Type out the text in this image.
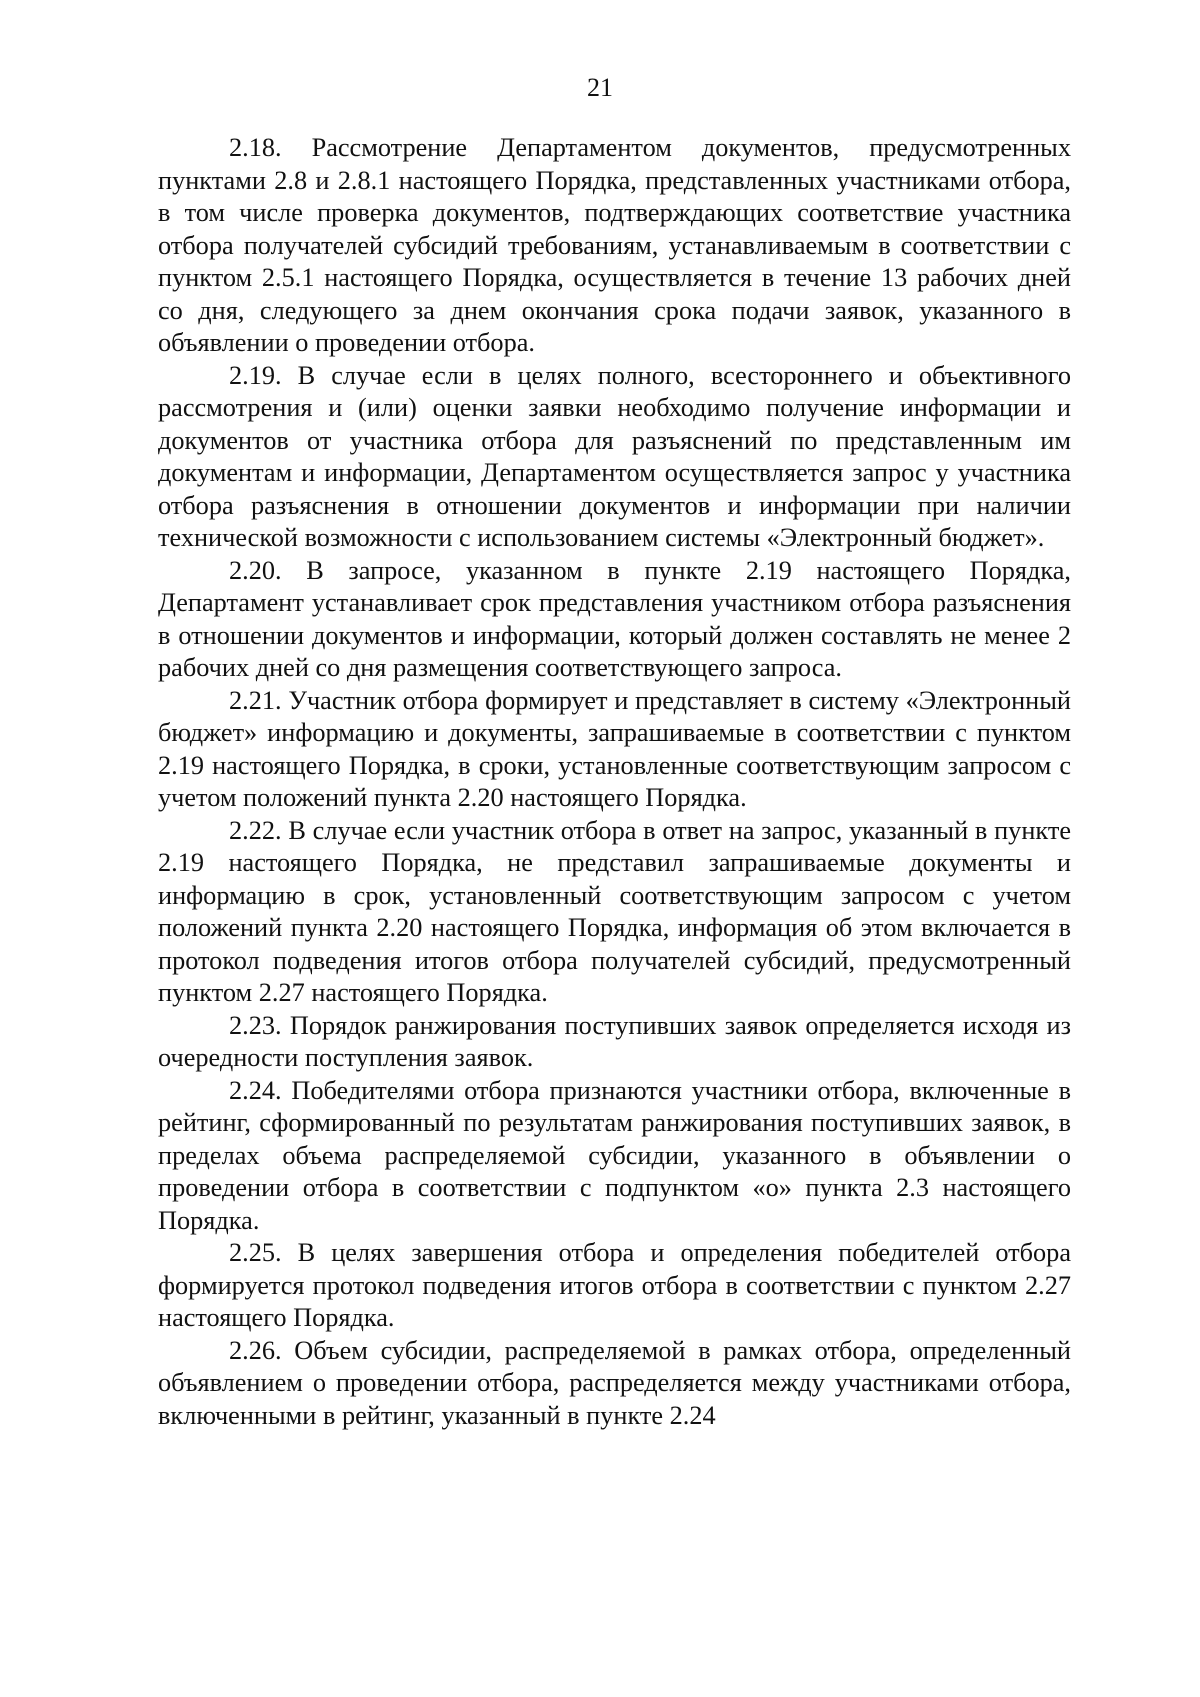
21

2.18. Рассмотрение Департаментом документов, предусмотренных пунктами 2.8 и 2.8.1 настоящего Порядка, представленных участниками отбора, в том числе проверка документов, подтверждающих соответствие участника отбора получателей субсидий требованиям, устанавливаемым в соответствии с пунктом 2.5.1 настоящего Порядка, осуществляется в течение 13 рабочих дней со дня, следующего за днем окончания срока подачи заявок, указанного в объявлении о проведении отбора.

2.19. В случае если в целях полного, всестороннего и объективного рассмотрения и (или) оценки заявки необходимо получение информации и документов от участника отбора для разъяснений по представленным им документам и информации, Департаментом осуществляется запрос у участника отбора разъяснения в отношении документов и информации при наличии технической возможности с использованием системы «Электронный бюджет».

2.20. В запросе, указанном в пункте 2.19 настоящего Порядка, Департамент устанавливает срок представления участником отбора разъяснения в отношении документов и информации, который должен составлять не менее 2 рабочих дней со дня размещения соответствующего запроса.

2.21. Участник отбора формирует и представляет в систему «Электронный бюджет» информацию и документы, запрашиваемые в соответствии с пунктом 2.19 настоящего Порядка, в сроки, установленные соответствующим запросом с учетом положений пункта 2.20 настоящего Порядка.

2.22. В случае если участник отбора в ответ на запрос, указанный в пункте 2.19 настоящего Порядка, не представил запрашиваемые документы и информацию в срок, установленный соответствующим запросом с учетом положений пункта 2.20 настоящего Порядка, информация об этом включается в протокол подведения итогов отбора получателей субсидий, предусмотренный пунктом 2.27 настоящего Порядка.

2.23. Порядок ранжирования поступивших заявок определяется исходя из очередности поступления заявок.

2.24. Победителями отбора признаются участники отбора, включенные в рейтинг, сформированный по результатам ранжирования поступивших заявок, в пределах объема распределяемой субсидии, указанного в объявлении о проведении отбора в соответствии с подпунктом «о» пункта 2.3 настоящего Порядка.

2.25. В целях завершения отбора и определения победителей отбора формируется протокол подведения итогов отбора в соответствии с пунктом 2.27 настоящего Порядка.

2.26. Объем субсидии, распределяемой в рамках отбора, определенный объявлением о проведении отбора, распределяется между участниками отбора, включенными в рейтинг, указанный в пункте 2.24
